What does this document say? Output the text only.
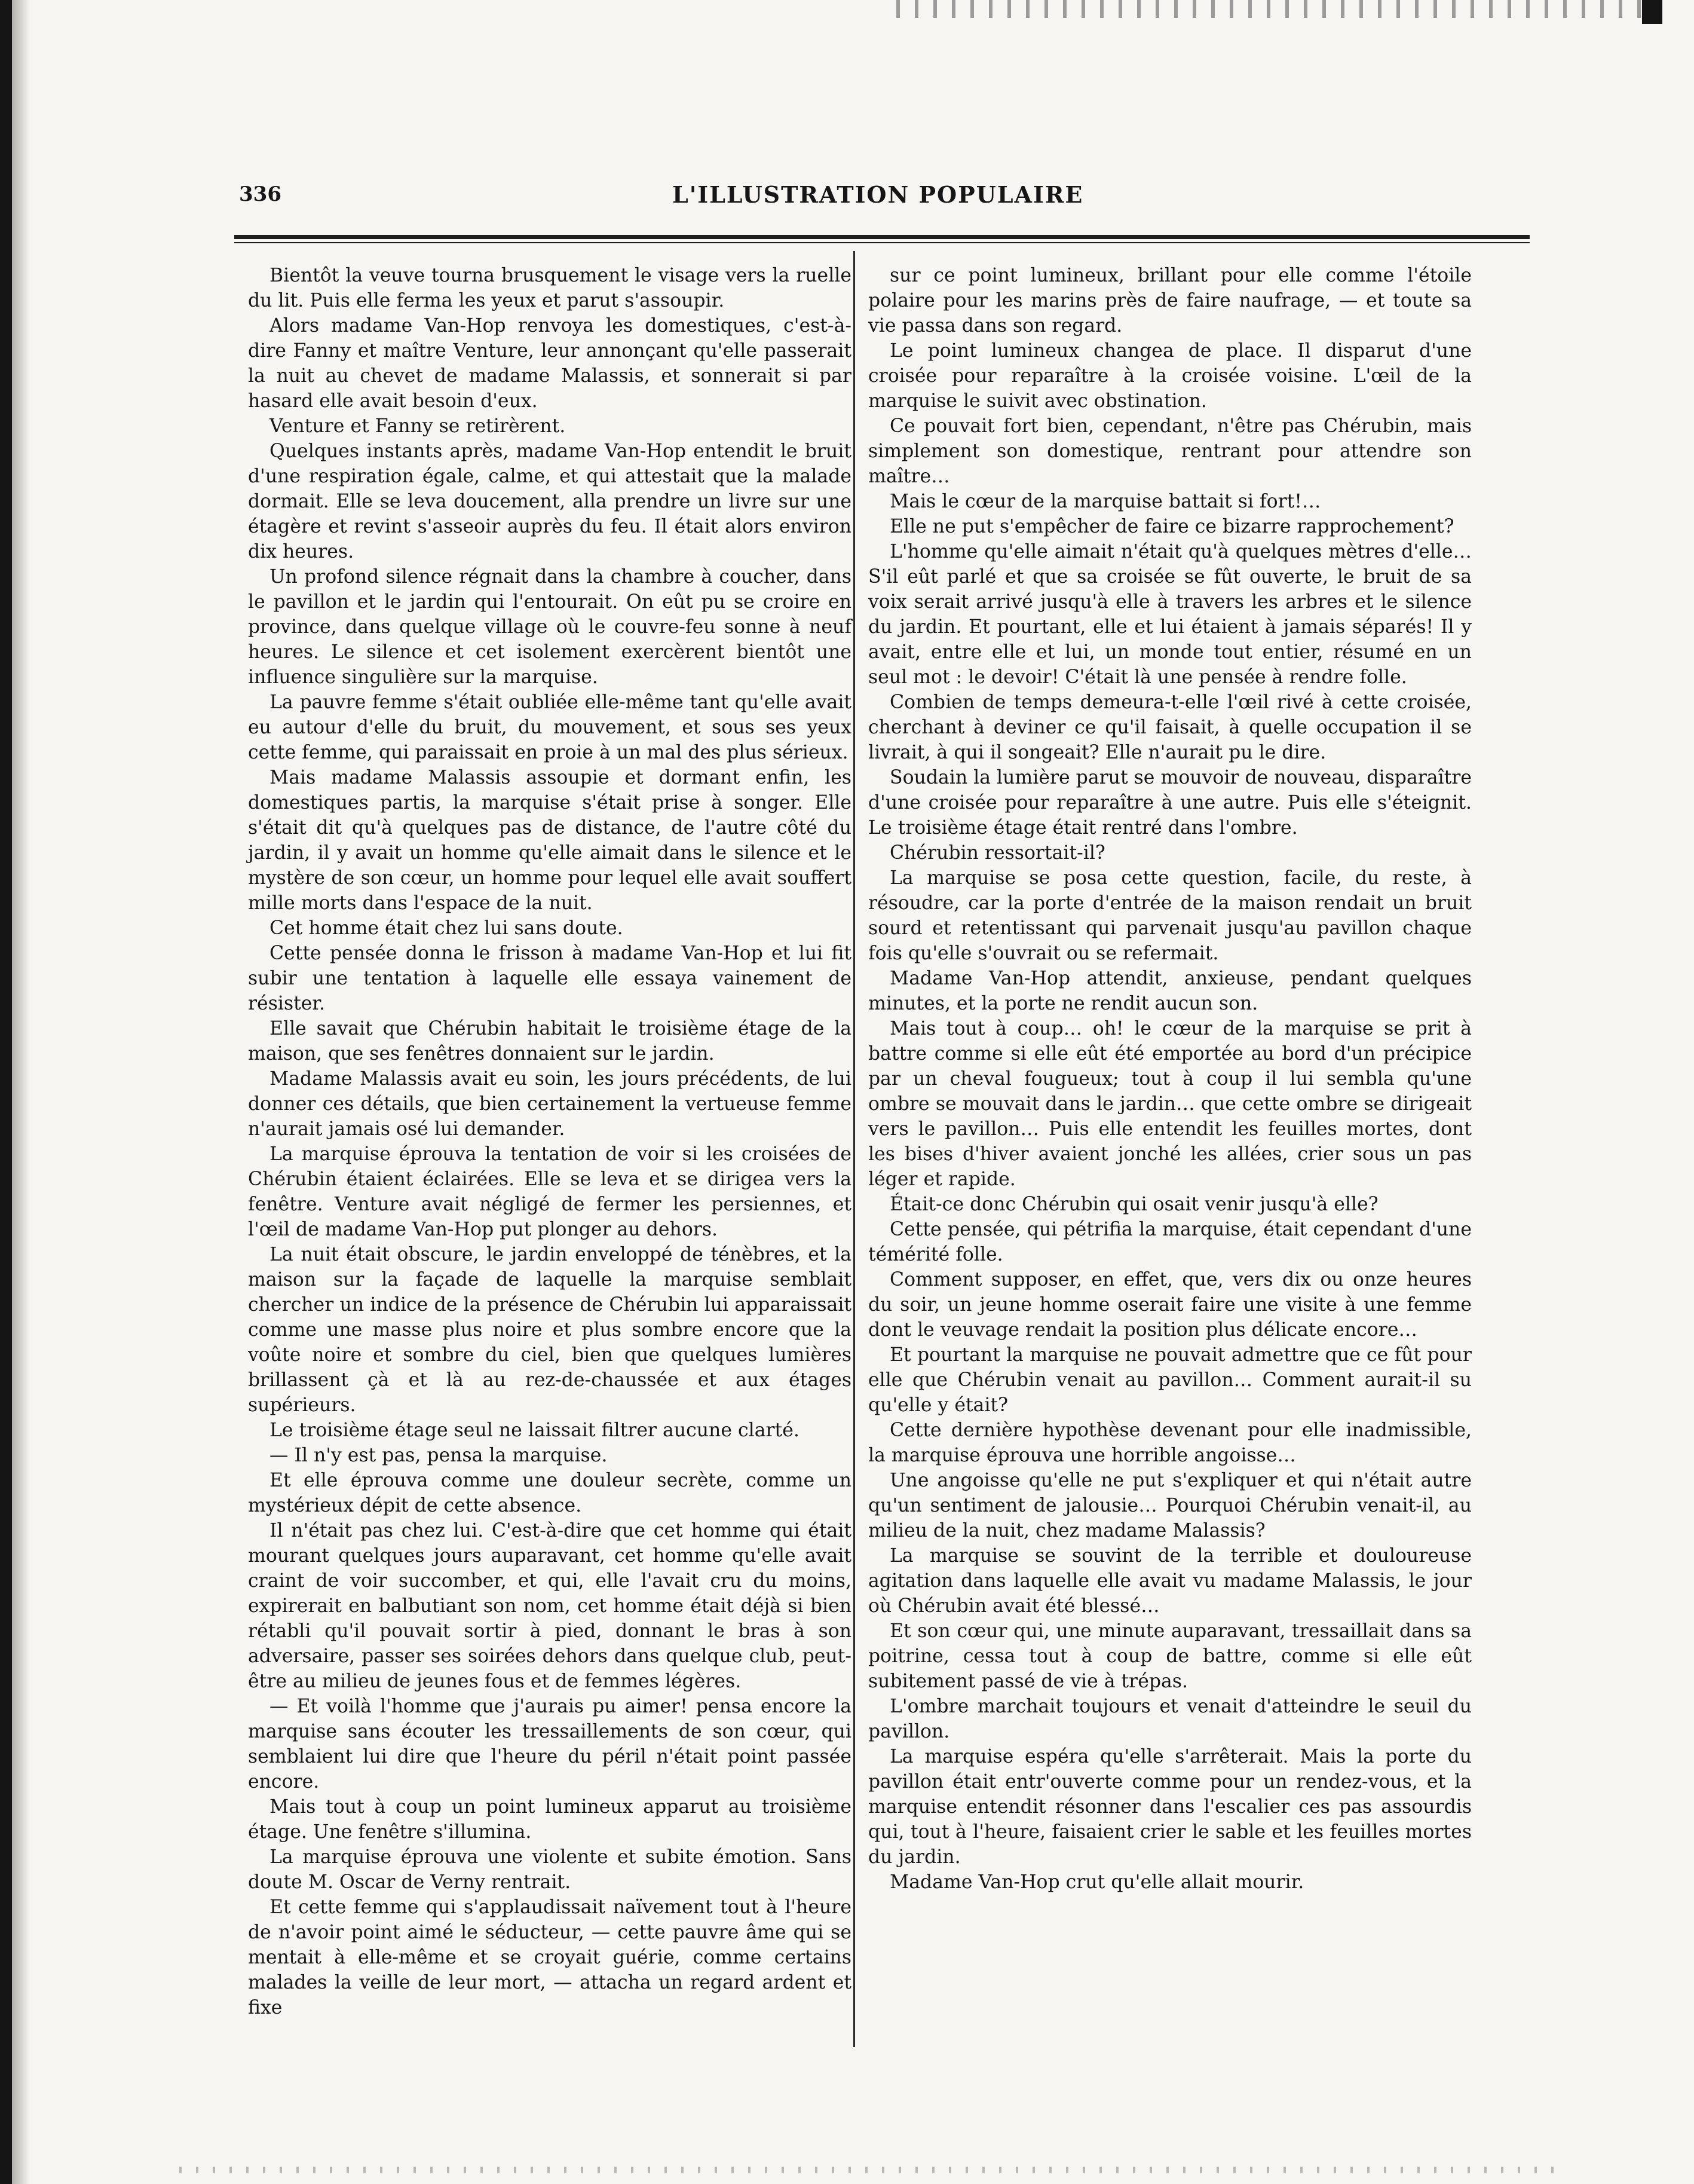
336	L'ILLUSTRATION POPULAIRE

Bientôt la veuve tourna brusquement le visage vers la ruelle du lit. Puis elle ferma les yeux et parut s'assoupir.

Alors madame Van-Hop renvoya les domestiques, c'est-à-dire Fanny et maître Venture, leur annonçant qu'elle passerait la nuit au chevet de madame Malassis, et sonnerait si par hasard elle avait besoin d'eux.

Venture et Fanny se retirèrent.

Quelques instants après, madame Van-Hop entendit le bruit d'une respiration égale, calme, et qui attestait que la malade dormait. Elle se leva doucement, alla prendre un livre sur une étagère et revint s'asseoir auprès du feu. Il était alors environ dix heures.

Un profond silence régnait dans la chambre à coucher, dans le pavillon et le jardin qui l'entourait. On eût pu se croire en province, dans quelque village où le couvre-feu sonne à neuf heures. Le silence et cet isolement exercèrent bientôt une influence singulière sur la marquise.

La pauvre femme s'était oubliée elle-même tant qu'elle avait eu autour d'elle du bruit, du mouvement, et sous ses yeux cette femme, qui paraissait en proie à un mal des plus sérieux.

Mais madame Malassis assoupie et dormant enfin, les domestiques partis, la marquise s'était prise à songer. Elle s'était dit qu'à quelques pas de distance, de l'autre côté du jardin, il y avait un homme qu'elle aimait dans le silence et le mystère de son cœur, un homme pour lequel elle avait souffert mille morts dans l'espace de la nuit.

Cet homme était chez lui sans doute.

Cette pensée donna le frisson à madame Van-Hop et lui fit subir une tentation à laquelle elle essaya vainement de résister.

Elle savait que Chérubin habitait le troisième étage de la maison, que ses fenêtres donnaient sur le jardin.

Madame Malassis avait eu soin, les jours précédents, de lui donner ces détails, que bien certainement la vertueuse femme n'aurait jamais osé lui demander.

La marquise éprouva la tentation de voir si les croisées de Chérubin étaient éclairées. Elle se leva et se dirigea vers la fenêtre. Venture avait négligé de fermer les persiennes, et l'œil de madame Van-Hop put plonger au dehors.

La nuit était obscure, le jardin enveloppé de ténèbres, et la maison sur la façade de laquelle la marquise semblait chercher un indice de la présence de Chérubin lui apparaissait comme une masse plus noire et plus sombre encore que la voûte noire et sombre du ciel, bien que quelques lumières brillassent çà et là au rez-de-chaussée et aux étages supérieurs.

Le troisième étage seul ne laissait filtrer aucune clarté.

— Il n'y est pas, pensa la marquise.

Et elle éprouva comme une douleur secrète, comme un mystérieux dépit de cette absence.

Il n'était pas chez lui. C'est-à-dire que cet homme qui était mourant quelques jours auparavant, cet homme qu'elle avait craint de voir succomber, et qui, elle l'avait cru du moins, expirerait en balbutiant son nom, cet homme était déjà si bien rétabli qu'il pouvait sortir à pied, donnant le bras à son adversaire, passer ses soirées dehors dans quelque club, peut-être au milieu de jeunes fous et de femmes légères.

— Et voilà l'homme que j'aurais pu aimer! pensa encore la marquise sans écouter les tressaillements de son cœur, qui semblaient lui dire que l'heure du péril n'était point passée encore.

Mais tout à coup un point lumineux apparut au troisième étage. Une fenêtre s'illumina.

La marquise éprouva une violente et subite émotion. Sans doute M. Oscar de Verny rentrait.

Et cette femme qui s'applaudissait naïvement tout à l'heure de n'avoir point aimé le séducteur, — cette pauvre âme qui se mentait à elle-même et se croyait guérie, comme certains malades la veille de leur mort, — attacha un regard ardent et fixe

sur ce point lumineux, brillant pour elle comme l'étoile polaire pour les marins près de faire naufrage, — et toute sa vie passa dans son regard.

Le point lumineux changea de place. Il disparut d'une croisée pour reparaître à la croisée voisine. L'œil de la marquise le suivit avec obstination.

Ce pouvait fort bien, cependant, n'être pas Chérubin, mais simplement son domestique, rentrant pour attendre son maître…

Mais le cœur de la marquise battait si fort!…

Elle ne put s'empêcher de faire ce bizarre rapprochement?

L'homme qu'elle aimait n'était qu'à quelques mètres d'elle… S'il eût parlé et que sa croisée se fût ouverte, le bruit de sa voix serait arrivé jusqu'à elle à travers les arbres et le silence du jardin. Et pourtant, elle et lui étaient à jamais séparés! Il y avait, entre elle et lui, un monde tout entier, résumé en un seul mot : le devoir! C'était là une pensée à rendre folle.

Combien de temps demeura-t-elle l'œil rivé à cette croisée, cherchant à deviner ce qu'il faisait, à quelle occupation il se livrait, à qui il songeait? Elle n'aurait pu le dire.

Soudain la lumière parut se mouvoir de nouveau, disparaître d'une croisée pour reparaître à une autre. Puis elle s'éteignit. Le troisième étage était rentré dans l'ombre.

Chérubin ressortait-il?

La marquise se posa cette question, facile, du reste, à résoudre, car la porte d'entrée de la maison rendait un bruit sourd et retentissant qui parvenait jusqu'au pavillon chaque fois qu'elle s'ouvrait ou se refermait.

Madame Van-Hop attendit, anxieuse, pendant quelques minutes, et la porte ne rendit aucun son.

Mais tout à coup… oh! le cœur de la marquise se prit à battre comme si elle eût été emportée au bord d'un précipice par un cheval fougueux; tout à coup il lui sembla qu'une ombre se mouvait dans le jardin… que cette ombre se dirigeait vers le pavillon… Puis elle entendit les feuilles mortes, dont les bises d'hiver avaient jonché les allées, crier sous un pas léger et rapide.

Était-ce donc Chérubin qui osait venir jusqu'à elle?

Cette pensée, qui pétrifia la marquise, était cependant d'une témérité folle.

Comment supposer, en effet, que, vers dix ou onze heures du soir, un jeune homme oserait faire une visite à une femme dont le veuvage rendait la position plus délicate encore…

Et pourtant la marquise ne pouvait admettre que ce fût pour elle que Chérubin venait au pavillon… Comment aurait-il su qu'elle y était?

Cette dernière hypothèse devenant pour elle inadmissible, la marquise éprouva une horrible angoisse…

Une angoisse qu'elle ne put s'expliquer et qui n'était autre qu'un sentiment de jalousie… Pourquoi Chérubin venait-il, au milieu de la nuit, chez madame Malassis?

La marquise se souvint de la terrible et douloureuse agitation dans laquelle elle avait vu madame Malassis, le jour où Chérubin avait été blessé…

Et son cœur qui, une minute auparavant, tressaillait dans sa poitrine, cessa tout à coup de battre, comme si elle eût subitement passé de vie à trépas.

L'ombre marchait toujours et venait d'atteindre le seuil du pavillon.

La marquise espéra qu'elle s'arrêterait. Mais la porte du pavillon était entr'ouverte comme pour un rendez-vous, et la marquise entendit résonner dans l'escalier ces pas assourdis qui, tout à l'heure, faisaient crier le sable et les feuilles mortes du jardin.

Madame Van-Hop crut qu'elle allait mourir.
